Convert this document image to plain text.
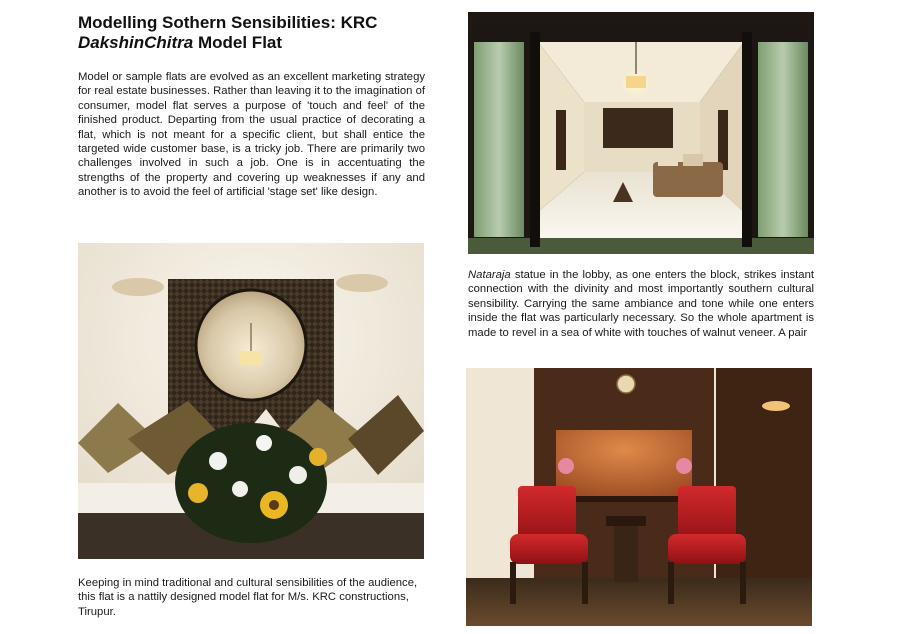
Modelling Sothern Sensibilities: KRC
DakshinChitra Model Flat

Model or sample flats are evolved as an excellent marketing strategy for real estate businesses. Rather than leaving it to the imagination of consumer, model flat serves a purpose of 'touch and feel' of the finished product. Departing from the usual practice of decorating a flat, which is not meant for a specific client, but shall entice the targeted wide customer base, is a tricky job. There are primarily two challenges involved in such a job. One is in accentuating the strengths of the property and covering up weaknesses if any and another is to avoid the feel of artificial 'stage set' like design.

Nataraja statue in the lobby, as one enters the block, strikes instant connection with the divinity and most importantly southern cultural sensibility. Carrying the same ambiance and tone while one enters inside the flat was particularly necessary. So the whole apartment is made to revel in a sea of white with touches of walnut veneer. A pair

Keeping in mind traditional and cultural sensibilities of the audience, this flat is a nattily designed model flat for M/s. KRC constructions, Tirupur.
